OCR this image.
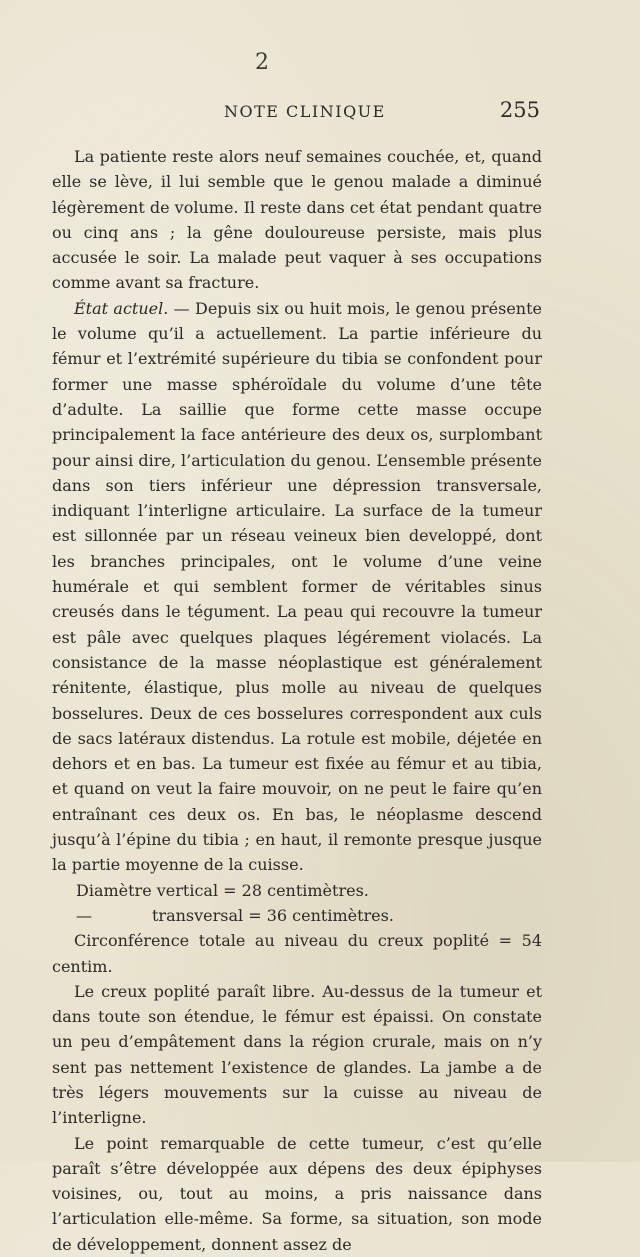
2
NOTE CLINIQUE	255

La patiente reste alors neuf semaines couchée, et, quand elle se lève, il lui semble que le genou malade a diminué légèrement de volume. Il reste dans cet état pendant quatre ou cinq ans ; la gêne douloureuse persiste, mais plus accusée le soir. La malade peut vaquer à ses occupations comme avant sa fracture.

État actuel. — Depuis six ou huit mois, le genou présente le volume qu’il a actuellement. La partie inférieure du fémur et l’extrémité supérieure du tibia se confondent pour former une masse sphéroïdale du volume d’une tête d’adulte. La saillie que forme cette masse occupe principalement la face antérieure des deux os, surplombant pour ainsi dire, l’articulation du genou. L’ensemble présente dans son tiers inférieur une dépression transversale, indiquant l’interligne articulaire. La surface de la tumeur est sillonnée par un réseau veineux bien developpé, dont les branches principales, ont le volume d’une veine humérale et qui semblent former de véritables sinus creusés dans le tégument. La peau qui recouvre la tumeur est pâle avec quelques plaques légérement violacés. La consistance de la masse néoplastique est généralement rénitente, élastique, plus molle au niveau de quelques bosselures. Deux de ces bosselures correspondent aux culs de sacs latéraux distendus. La rotule est mobile, déjetée en dehors et en bas. La tumeur est fixée au fémur et au tibia, et quand on veut la faire mouvoir, on ne peut le faire qu’en entraînant ces deux os. En bas, le néoplasme descend jusqu’à l’épine du tibia ; en haut, il remonte presque jusque la partie moyenne de la cuisse.

Diamètre vertical = 28 centimètres.

—	transversal = 36 centimètres.

Circonférence totale au niveau du creux poplité = 54 centim.

Le creux poplité paraît libre. Au-dessus de la tumeur et dans toute son étendue, le fémur est épaissi. On constate un peu d’empâtement dans la région crurale, mais on n’y sent pas nettement l’existence de glandes. La jambe a de très légers mouvements sur la cuisse au niveau de l’interligne.

Le point remarquable de cette tumeur, c’est qu’elle paraît s’être développée aux dépens des deux épiphyses voisines, ou, tout au moins, a pris naissance dans l’articulation elle-même. Sa forme, sa situation, son mode de développement, donnent assez de
